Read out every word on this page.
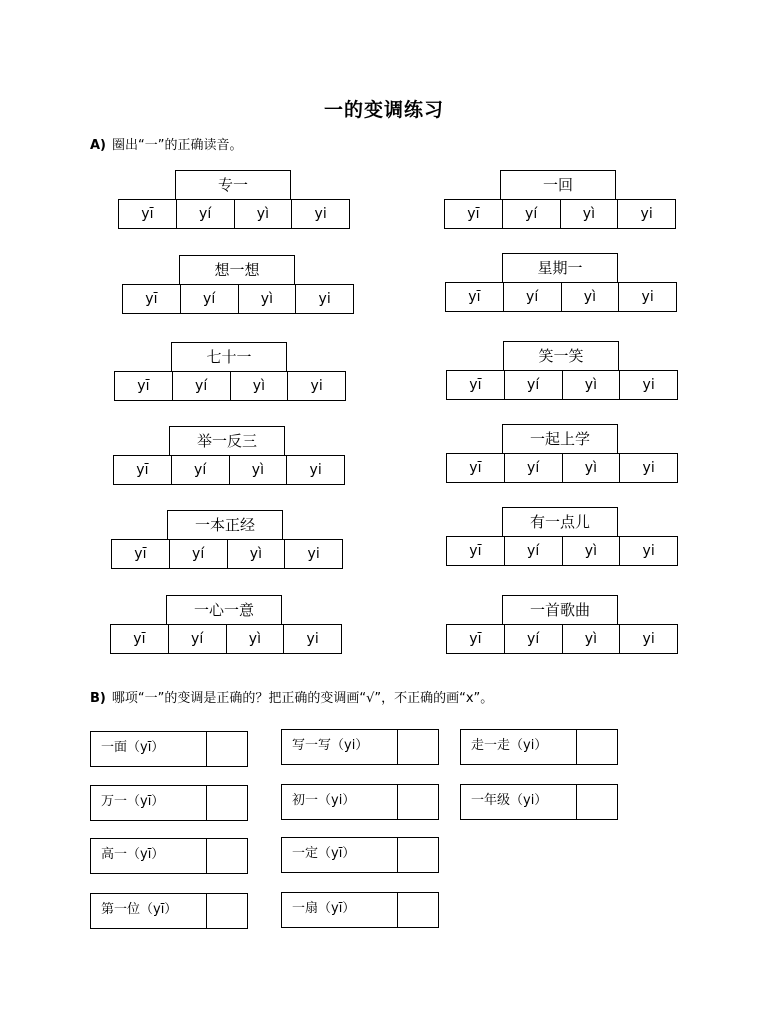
一的变调练习
A) 圈出“一”的正确读音。
专一
yī	yí	yì	yi
一回
yī	yí	yì	yi
想一想
yī	yí	yì	yi
星期一
yī	yí	yì	yi
七十一
yī	yí	yì	yi
笑一笑
yī	yí	yì	yi
举一反三
yī	yí	yì	yi
一起上学
yī	yí	yì	yi
一本正经
yī	yí	yì	yi
有一点儿
yī	yí	yì	yi
一心一意
yī	yí	yì	yi
一首歌曲
yī	yí	yì	yi
B) 哪项“一”的变调是正确的？把正确的变调画“√”，不正确的画“x”。
一面（yī）	写一写（yi）	走一走（yi）
万一（yī）	初一（yi）	一年级（yi）
高一（yī）	一定（yī）
第一位（yī）	一扇（yī）
